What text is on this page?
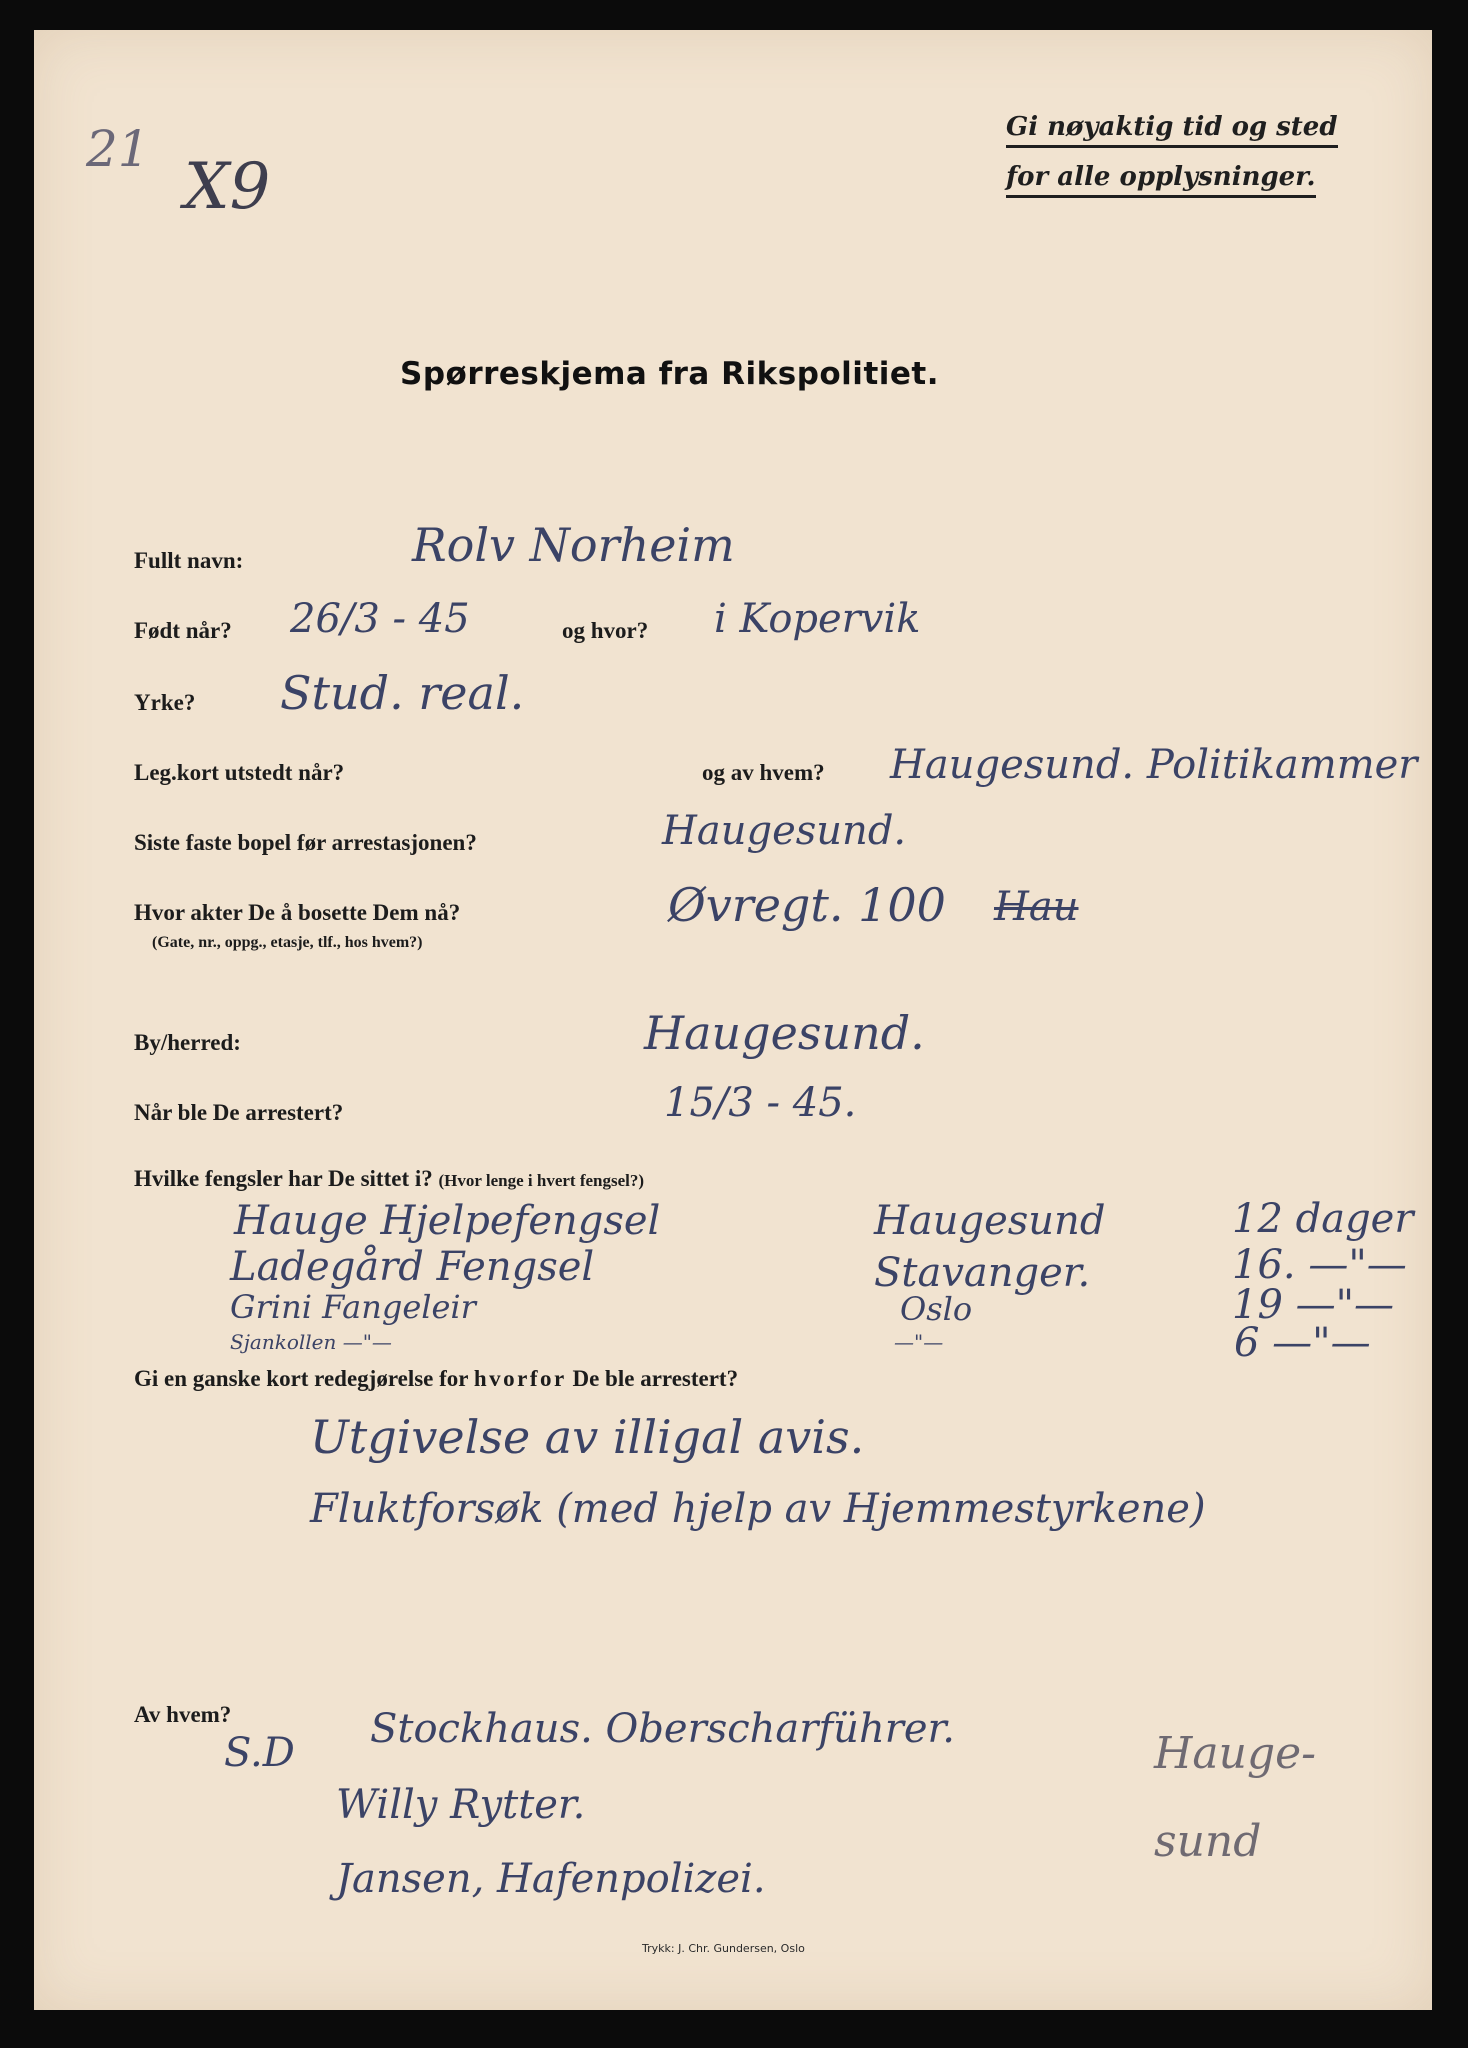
21
X9
Gi nøyaktig tid og sted
for alle opplysninger.
Spørreskjema fra Rikspolitiet.
Fullt navn:	Rolv Norheim
Født når? 26/3 - 45	og hvor? i Kopervik
Yrke? Stud. real.
Leg.kort utstedt når?	og av hvem? Haugesund. Politikammer
Siste faste bopel før arrestasjonen?	Haugesund.
Hvor akter De å bosette Dem nå?
(Gate, nr., oppg., etasje, tlf., hos hvem?)
Øvregt. 100 Hau
By/herred:	Haugesund.
Når ble De arrestert?	15/3 - 45.
Hvilke fengsler har De sittet i? (Hvor lenge i hvert fengsel?)
Hauge Hjelpefengsel	Haugesund	12 dager
Ladegård Fengsel	Stavanger.	16. —"—
Grini Fangeleir	Oslo	19 —"—
Sjankollen —"—	—"—	6 —"—
Gi en ganske kort redegjørelse for hvorfor De ble arrestert?
Utgivelse av illigal avis.
Fluktforsøk (med hjelp av Hjemmestyrkene)
Av hvem?
S.D
Stockhaus. Oberscharführer.
Willy Rytter.
Jansen, Hafenpolizei.
Hauge- sund
Trykk: J. Chr. Gundersen, Oslo
